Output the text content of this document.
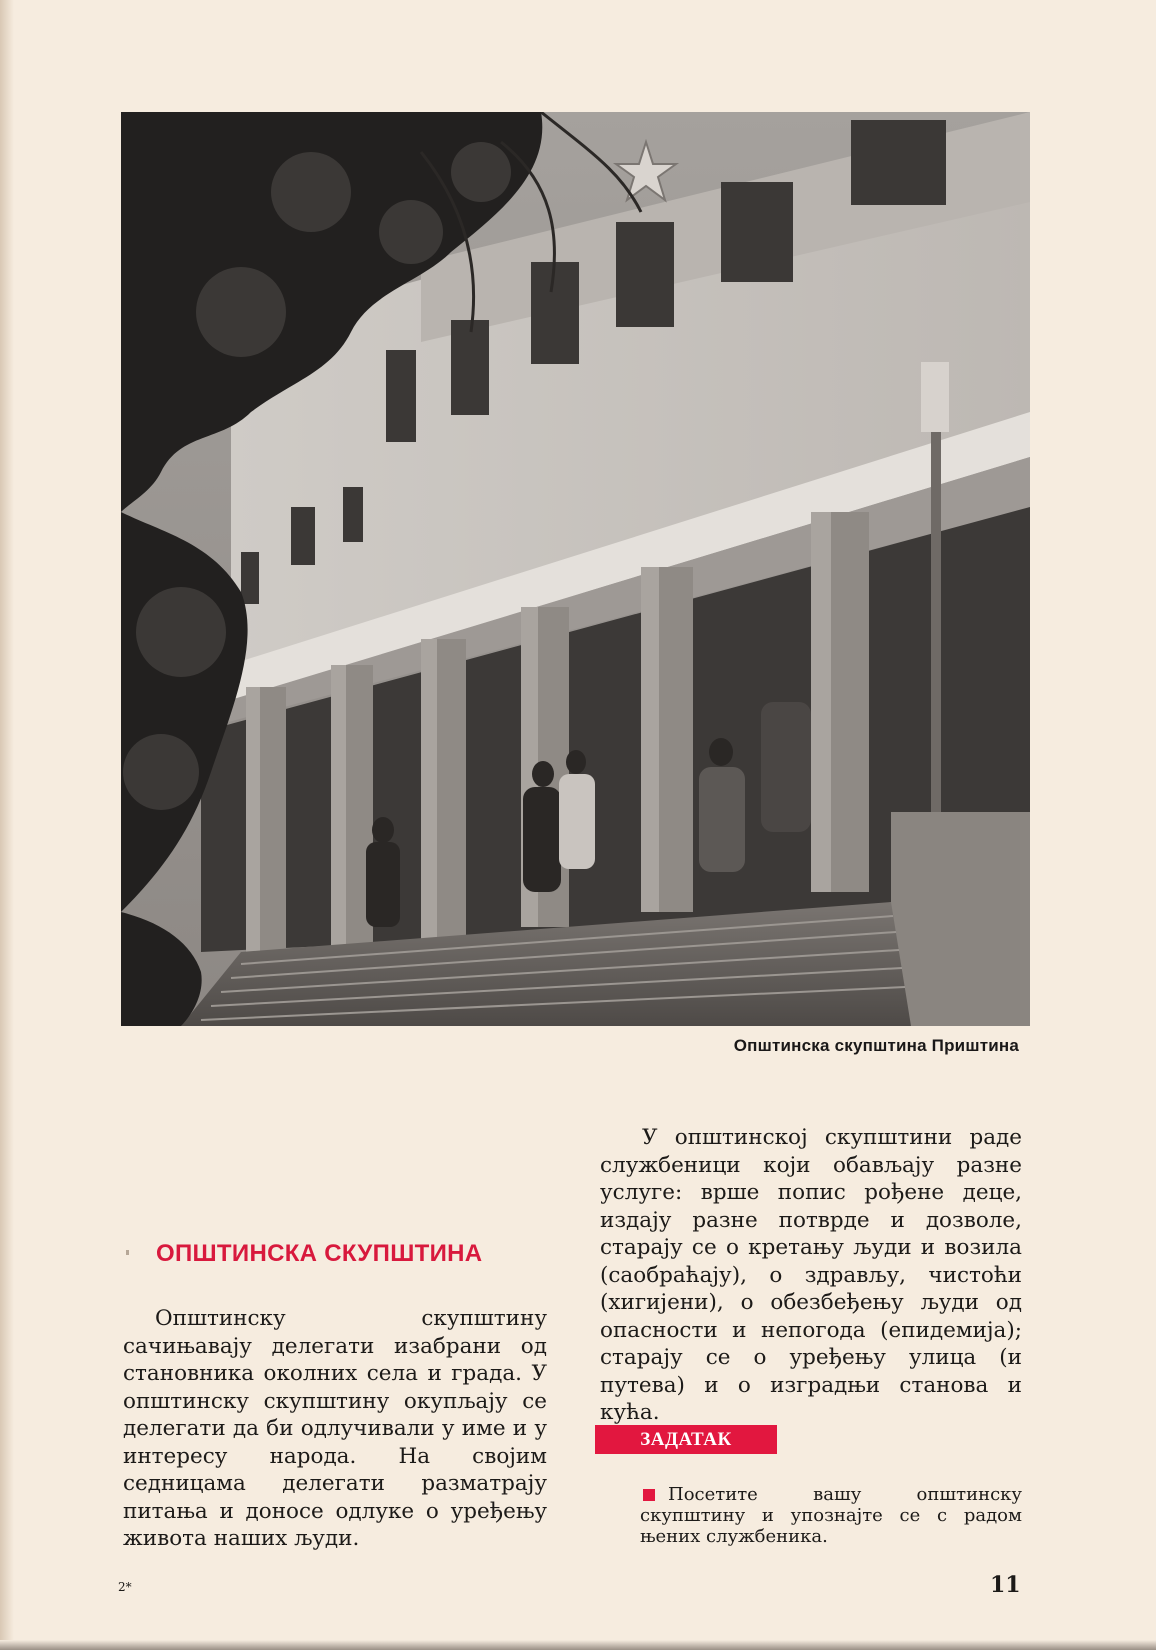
Општинска скупштина Приштина
ОПШТИНСКА СКУПШТИНА

Општинску скупштину сачињавају делегати изабрани од становника околних села и града. У општинску скупштину окупљају се делегати да би одлучивали у име и у интересу народа. На својим седницама делегати разматрају питања и доносе одлуке о уређењу живота наших људи.

У општинској скупштини раде службеници који обављају разне услуге: врше попис рођене деце, издају разне потврде и дозволе, старају се о кретању људи и возила (саобраћају), о здрављу, чистоћи (хигијени), о обезбеђењу људи од опасности и непогода (епидемија); старају се о уређењу улица (и путева) и о изградњи станова и кућа.

ЗАДАТАК

Посетите вашу општинску скупштину и упознајте се с радом њених службеника.

2*	11
